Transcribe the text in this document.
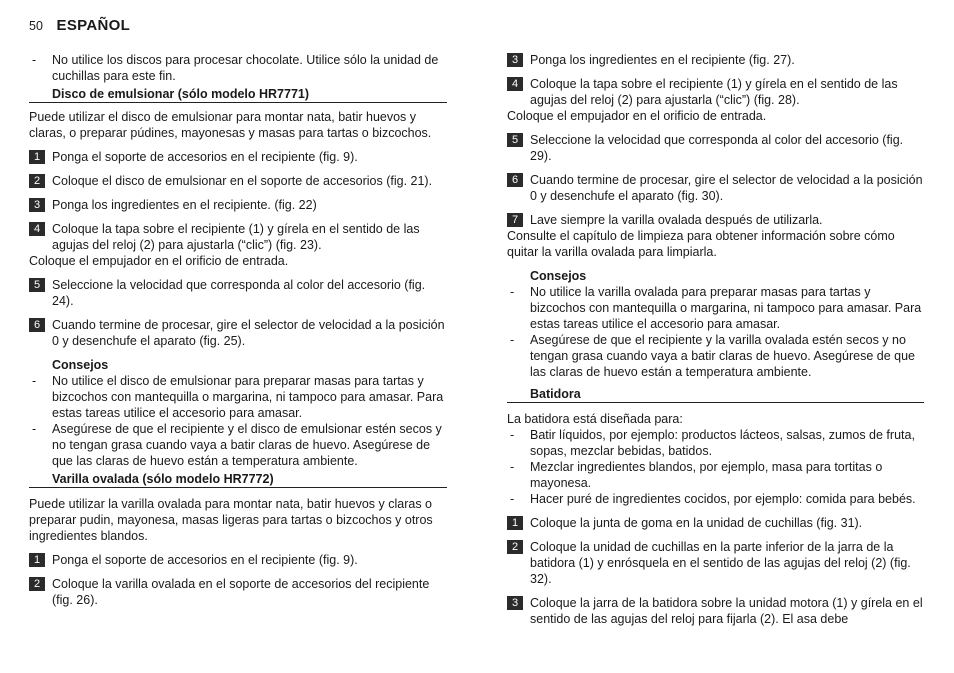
50 ESPAÑOL

- No utilice los discos para procesar chocolate. Utilice sólo la unidad de cuchillas para este fin.

Disco de emulsionar (sólo modelo HR7771)

Puede utilizar el disco de emulsionar para montar nata, batir huevos y claras, o preparar púdines, mayonesas y masas para tartas o bizcochos.

1 Ponga el soporte de accesorios en el recipiente (fig. 9).

2 Coloque el disco de emulsionar en el soporte de accesorios (fig. 21).

3 Ponga los ingredientes en el recipiente. (fig. 22)

4 Coloque la tapa sobre el recipiente (1) y gírela en el sentido de las agujas del reloj (2) para ajustarla (“clic”) (fig. 23).

Coloque el empujador en el orificio de entrada.

5 Seleccione la velocidad que corresponda al color del accesorio (fig. 24).

6 Cuando termine de procesar, gire el selector de velocidad a la posición 0 y desenchufe el aparato (fig. 25).

Consejos

- No utilice el disco de emulsionar para preparar masas para tartas y bizcochos con mantequilla o margarina, ni tampoco para amasar. Para estas tareas utilice el accesorio para amasar.

- Asegúrese de que el recipiente y el disco de emulsionar estén secos y no tengan grasa cuando vaya a batir claras de huevo. Asegúrese de que las claras de huevo están a temperatura ambiente.

Varilla ovalada (sólo modelo HR7772)

Puede utilizar la varilla ovalada para montar nata, batir huevos y claras o preparar pudin, mayonesa, masas ligeras para tartas o bizcochos y otros ingredientes blandos.

1 Ponga el soporte de accesorios en el recipiente (fig. 9).

2 Coloque la varilla ovalada en el soporte de accesorios del recipiente (fig. 26).

3 Ponga los ingredientes en el recipiente (fig. 27).

4 Coloque la tapa sobre el recipiente (1) y gírela en el sentido de las agujas del reloj (2) para ajustarla (“clic”) (fig. 28).

Coloque el empujador en el orificio de entrada.

5 Seleccione la velocidad que corresponda al color del accesorio (fig. 29).

6 Cuando termine de procesar, gire el selector de velocidad a la posición 0 y desenchufe el aparato (fig. 30).

7 Lave siempre la varilla ovalada después de utilizarla.

Consulte el capítulo de limpieza para obtener información sobre cómo quitar la varilla ovalada para limpiarla.

Consejos

- No utilice la varilla ovalada para preparar masas para tartas y bizcochos con mantequilla o margarina, ni tampoco para amasar. Para estas tareas utilice el accesorio para amasar.

- Asegúrese de que el recipiente y la varilla ovalada estén secos y no tengan grasa cuando vaya a batir claras de huevo. Asegúrese de que las claras de huevo están a temperatura ambiente.

Batidora

La batidora está diseñada para:

- Batir líquidos, por ejemplo: productos lácteos, salsas, zumos de fruta, sopas, mezclar bebidas, batidos.

- Mezclar ingredientes blandos, por ejemplo, masa para tortitas o mayonesa.

- Hacer puré de ingredientes cocidos, por ejemplo: comida para bebés.

1 Coloque la junta de goma en la unidad de cuchillas (fig. 31).

2 Coloque la unidad de cuchillas en la parte inferior de la jarra de la batidora (1) y enrósquela en el sentido de las agujas del reloj (2) (fig. 32).

3 Coloque la jarra de la batidora sobre la unidad motora (1) y gírela en el sentido de las agujas del reloj para fijarla (2). El asa debe
